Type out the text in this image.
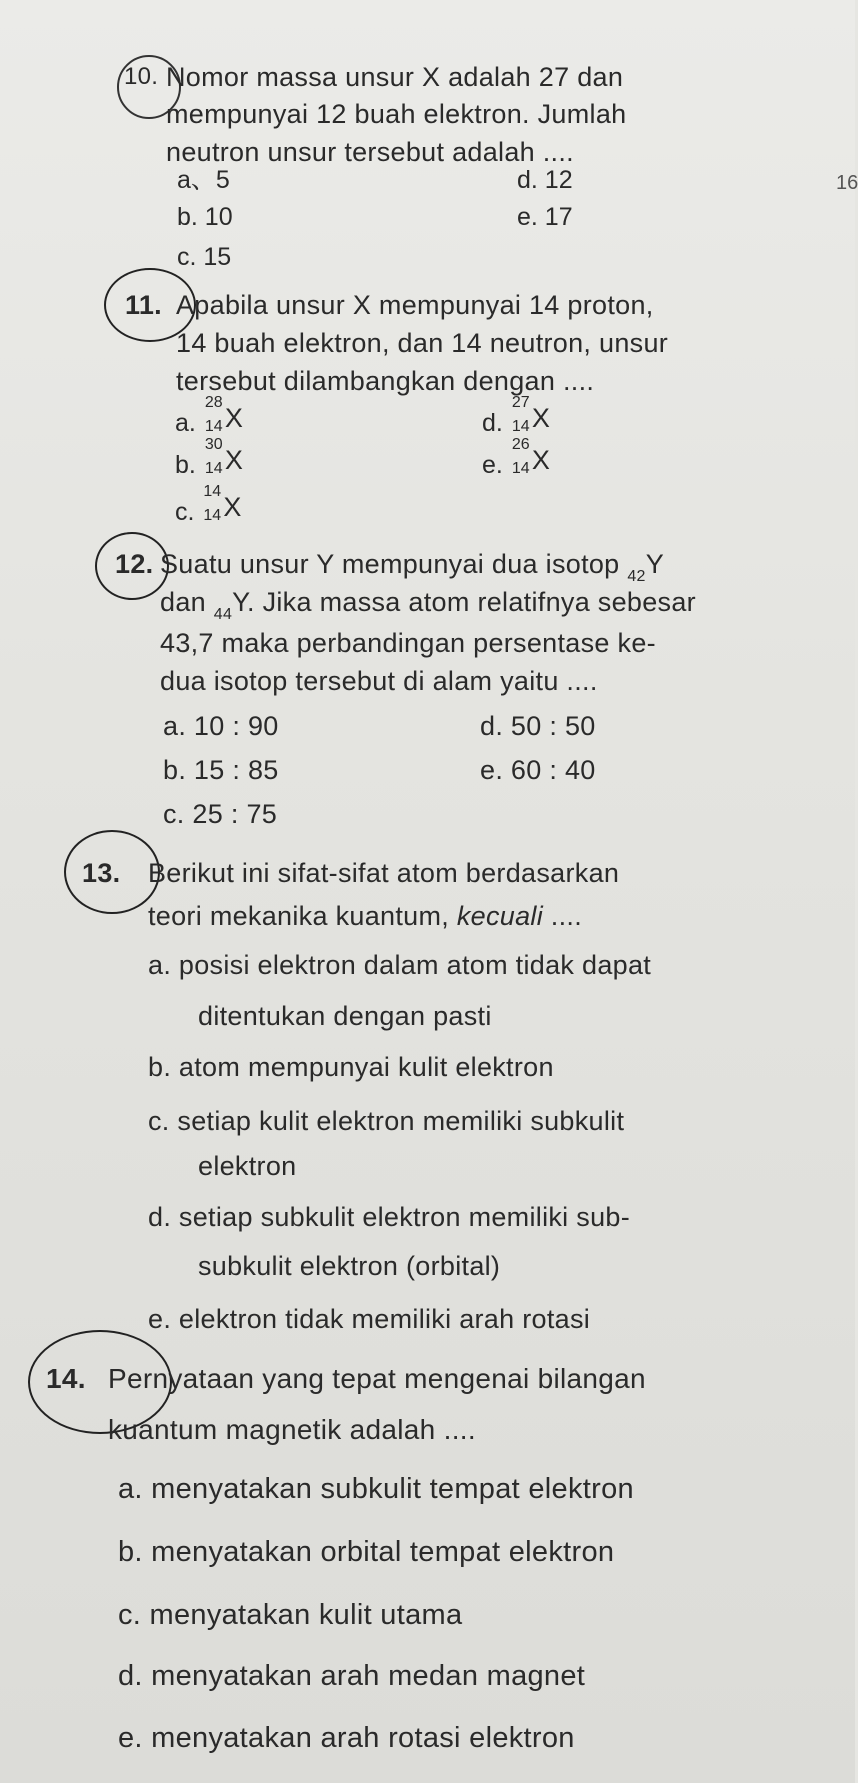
10. Nomor massa unsur X adalah 27 dan
mempunyai 12 buah elektron. Jumlah
neutron unsur tersebut adalah ....
a、5	d. 12	16
b. 10	e. 17
c. 15
11. Apabila unsur X mempunyai 14 proton,
14 buah elektron, dan 14 neutron, unsur
tersebut dilambangkan dengan ....
a.
28
14 X	d.
27
14 X
b.
30
14 X	e.
26
14 X
c.
14
14 X
12. Suatu unsur Y mempunyai dua isotop $_{42}$Y
dan $_{44}$Y. Jika massa atom relatifnya sebesar
43,7 maka perbandingan persentase ke-
dua isotop tersebut di alam yaitu ....
a. 10 : 90	d. 50 : 50
b. 15 : 85	e. 60 : 40
c. 25 : 75
13. Berikut ini sifat-sifat atom berdasarkan
teori mekanika kuantum, kecuali ....
a. posisi elektron dalam atom tidak dapat
ditentukan dengan pasti
b. atom mempunyai kulit elektron
c. setiap kulit elektron memiliki subkulit
elektron
d. setiap subkulit elektron memiliki sub-
subkulit elektron (orbital)
e. elektron tidak memiliki arah rotasi
14. Pernyataan yang tepat mengenai bilangan
kuantum magnetik adalah ....
a. menyatakan subkulit tempat elektron
b. menyatakan orbital tempat elektron
c. menyatakan kulit utama
d. menyatakan arah medan magnet
e. menyatakan arah rotasi elektron
